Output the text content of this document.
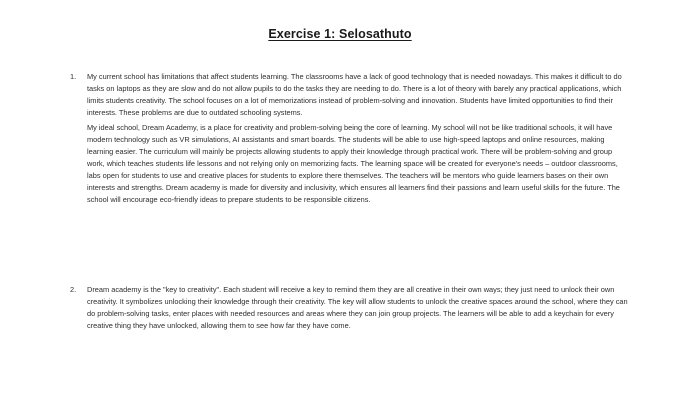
Exercise 1: Selosathuto
1.	My current school has limitations that affect students learning. The classrooms have a lack of good technology that is needed nowadays. This makes it difficult to do tasks on laptops as they are slow and do not allow pupils to do the tasks they are needing to do. There is a lot of theory with barely any practical applications, which limits students creativity. The school focuses on a lot of memorizations instead of problem-solving and innovation. Students have limited opportunities to find their interests. These problems are due to outdated schooling systems.

My ideal school, Dream Academy, is a place for creativity and problem-solving being the core of learning. My school will not be like traditional schools, it will have modern technology such as VR simulations, AI assistants and smart boards. The students will be able to use high-speed laptops and online resources, making learning easier. The curriculum will mainly be projects allowing students to apply their knowledge through practical work. There will be problem-solving and group work, which teaches students life lessons and not relying only on memorizing facts. The learning space will be created for everyone's needs – outdoor classrooms, labs open for students to use and creative places for students to explore there themselves. The teachers will be mentors who guide learners bases on their own interests and strengths. Dream academy is made for diversity and inclusivity, which ensures all learners find their passions and learn useful skills for the future. The school will encourage eco-friendly ideas to prepare students to be responsible citizens.

2.	Dream academy is the "key to creativity". Each student will receive a key to remind them they are all creative in their own ways; they just need to unlock their own creativity. It symbolizes unlocking their knowledge through their creativity. The key will allow students to unlock the creative spaces around the school, where they can do problem-solving tasks, enter places with needed resources and areas where they can join group projects. The learners will be able to add a keychain for every creative thing they have unlocked, allowing them to see how far they have come.
